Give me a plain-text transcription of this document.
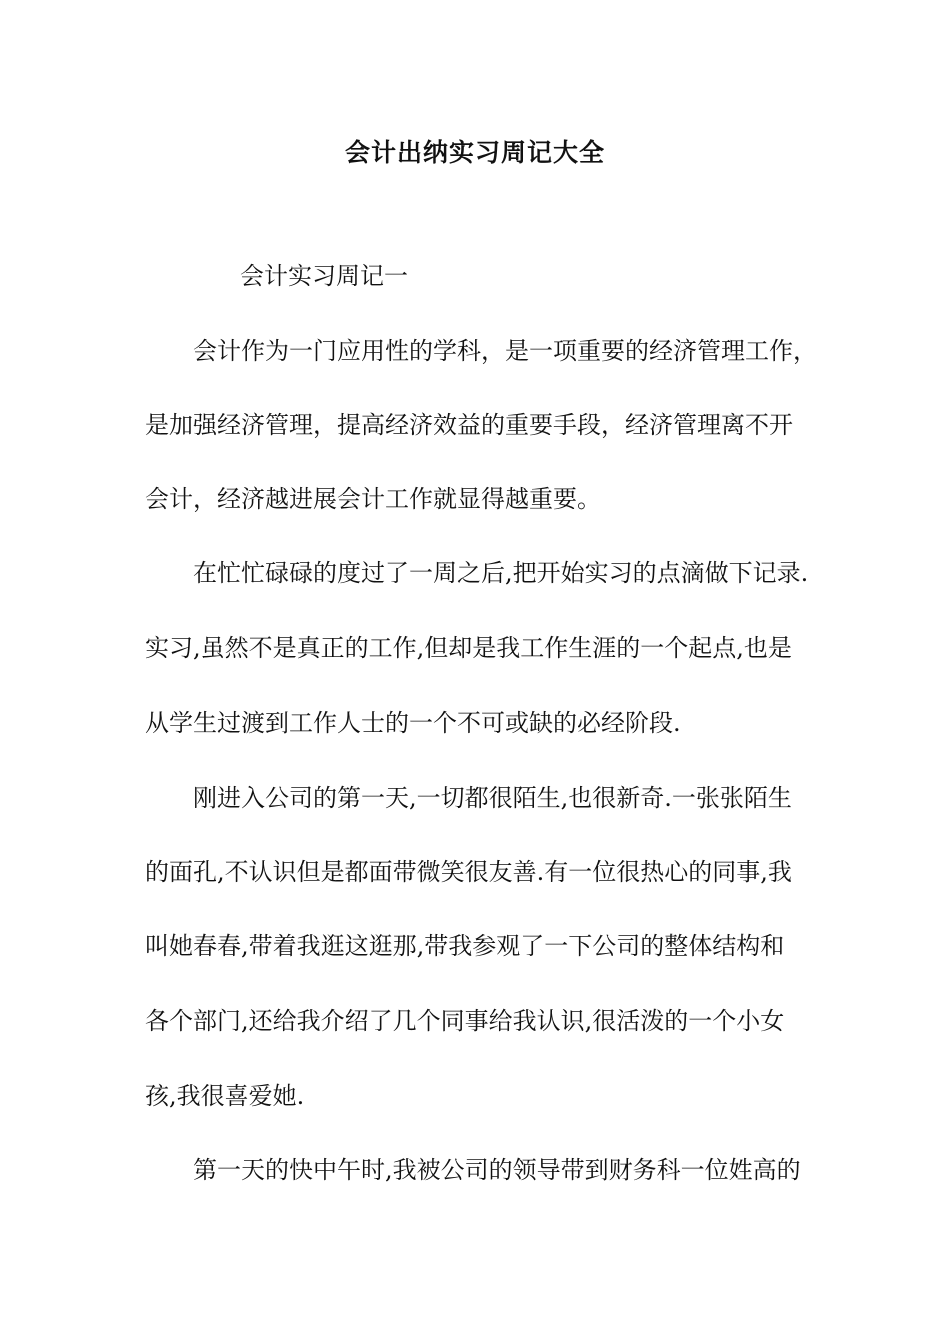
会计出纳实习周记大全
会计实习周记一
会计作为一门应用性的学科，是一项重要的经济管理工作，
是加强经济管理，提高经济效益的重要手段，经济管理离不开
会计，经济越进展会计工作就显得越重要。
在忙忙碌碌的度过了一周之后,把开始实习的点滴做下记录.
实习,虽然不是真正的工作,但却是我工作生涯的一个起点,也是
从学生过渡到工作人士的一个不可或缺的必经阶段.
刚进入公司的第一天,一切都很陌生,也很新奇.一张张陌生
的面孔,不认识但是都面带微笑很友善.有一位很热心的同事,我
叫她春春,带着我逛这逛那,带我参观了一下公司的整体结构和
各个部门,还给我介绍了几个同事给我认识,很活泼的一个小女
孩,我很喜爱她.
第一天的快中午时,我被公司的领导带到财务科一位姓高的
